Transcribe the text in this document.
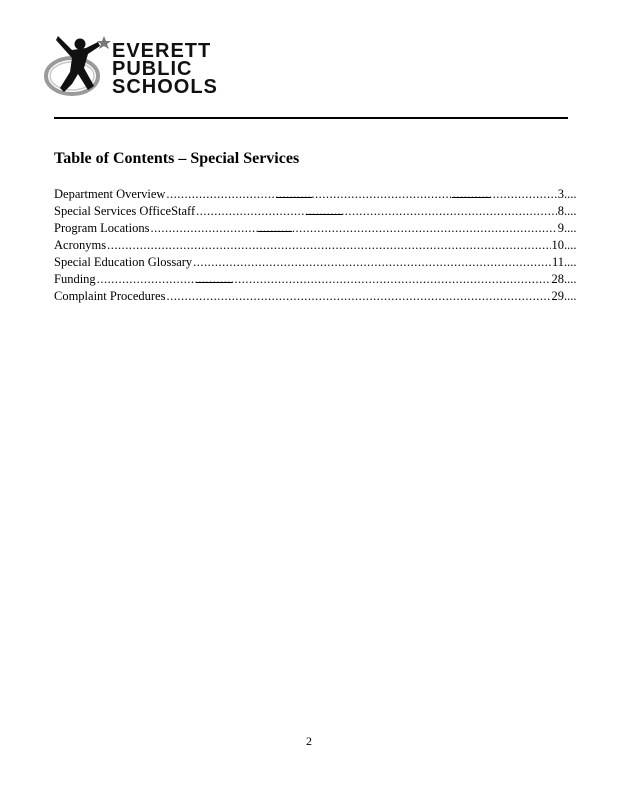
EVERETT
PUBLIC
SCHOOLS
Table of Contents – Special Services
Department Overview .....	3
....
Special Services OfficeStaff .....	8
....
Program Locations .....	9
....
Acronyms .....	10
....
Special Education Glossary .....	11
....
Funding .....	28
....
Complaint Procedures .....	29
....
2
